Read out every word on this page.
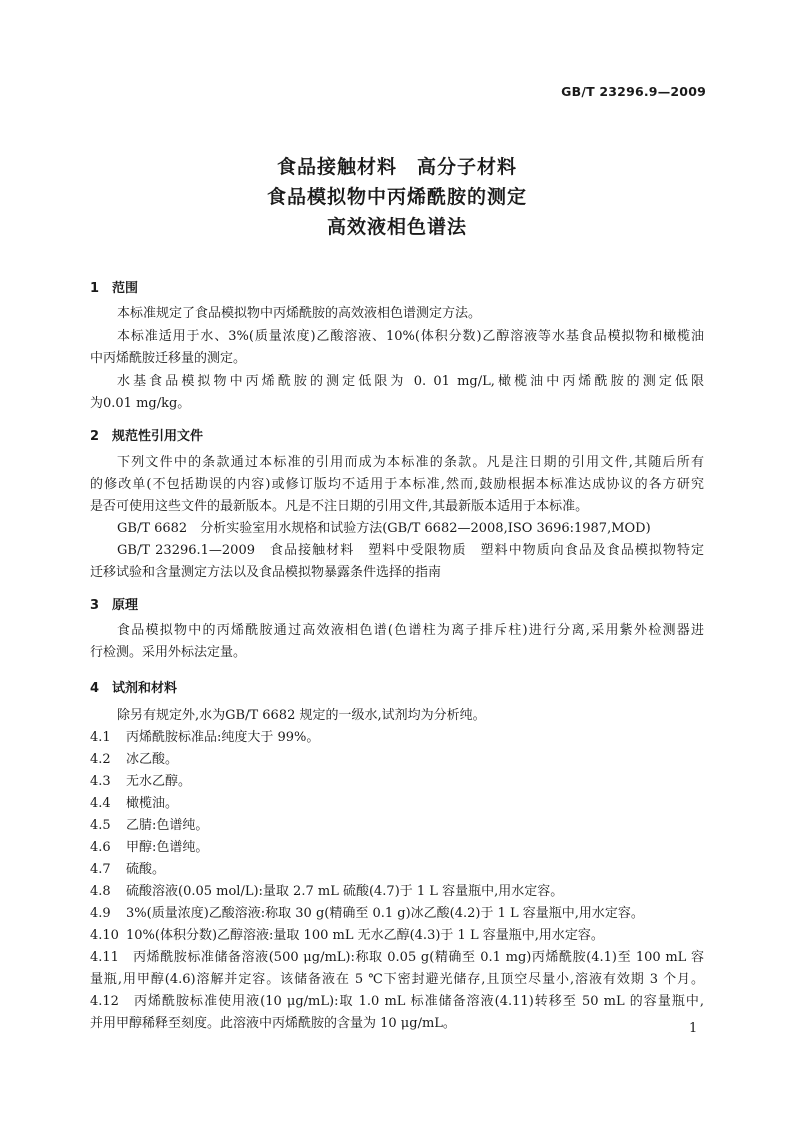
GB/T 23296.9—2009
食品接触材料　高分子材料
食品模拟物中丙烯酰胺的测定
高效液相色谱法
1 范围
本标准规定了食品模拟物中丙烯酰胺的高效液相色谱测定方法。
本标准适用于水、3%(质量浓度)乙酸溶液、10%(体积分数)乙醇溶液等水基食品模拟物和橄榄油
中丙烯酰胺迁移量的测定。
水基食品模拟物中丙烯酰胺的测定低限为 0. 01 mg/L,橄榄油中丙烯酰胺的测定低限
为0.01 mg/kg。
2 规范性引用文件
下列文件中的条款通过本标准的引用而成为本标准的条款。凡是注日期的引用文件,其随后所有
的修改单(不包括勘误的内容)或修订版均不适用于本标准,然而,鼓励根据本标准达成协议的各方研究
是否可使用这些文件的最新版本。凡是不注日期的引用文件,其最新版本适用于本标准。
GB/T 6682　分析实验室用水规格和试验方法(GB/T 6682—2008,ISO 3696:1987,MOD)
GB/T 23296.1—2009　食品接触材料　塑料中受限物质　塑料中物质向食品及食品模拟物特定
迁移试验和含量测定方法以及食品模拟物暴露条件选择的指南
3 原理
食品模拟物中的丙烯酰胺通过高效液相色谱(色谱柱为离子排斥柱)进行分离,采用紫外检测器进
行检测。采用外标法定量。
4 试剂和材料
除另有规定外,水为GB/T 6682 规定的一级水,试剂均为分析纯。
4.1 丙烯酰胺标准品:纯度大于 99%。
4.2 冰乙酸。
4.3 无水乙醇。
4.4 橄榄油。
4.5 乙腈:色谱纯。
4.6 甲醇:色谱纯。
4.7 硫酸。
4.8 硫酸溶液(0.05 mol/L):量取 2.7 mL 硫酸(4.7)于 1 L 容量瓶中,用水定容。
4.9 3%(质量浓度)乙酸溶液:称取 30 g(精确至 0.1 g)冰乙酸(4.2)于 1 L 容量瓶中,用水定容。
4.10 10%(体积分数)乙醇溶液:量取 100 mL 无水乙醇(4.3)于 1 L 容量瓶中,用水定容。
4.11　丙烯酰胺标准储备溶液(500 μg/mL):称取 0.05 g(精确至 0.1 mg)丙烯酰胺(4.1)至 100 mL 容
量瓶,用甲醇(4.6)溶解并定容。该储备液在 5 ℃下密封避光储存,且顶空尽量小,溶液有效期 3 个月。
4.12　丙烯酰胺标准使用液(10 μg/mL):取 1.0 mL 标准储备溶液(4.11)转移至 50 mL 的容量瓶中,
并用甲醇稀释至刻度。此溶液中丙烯酰胺的含量为 10 μg/mL。	1
